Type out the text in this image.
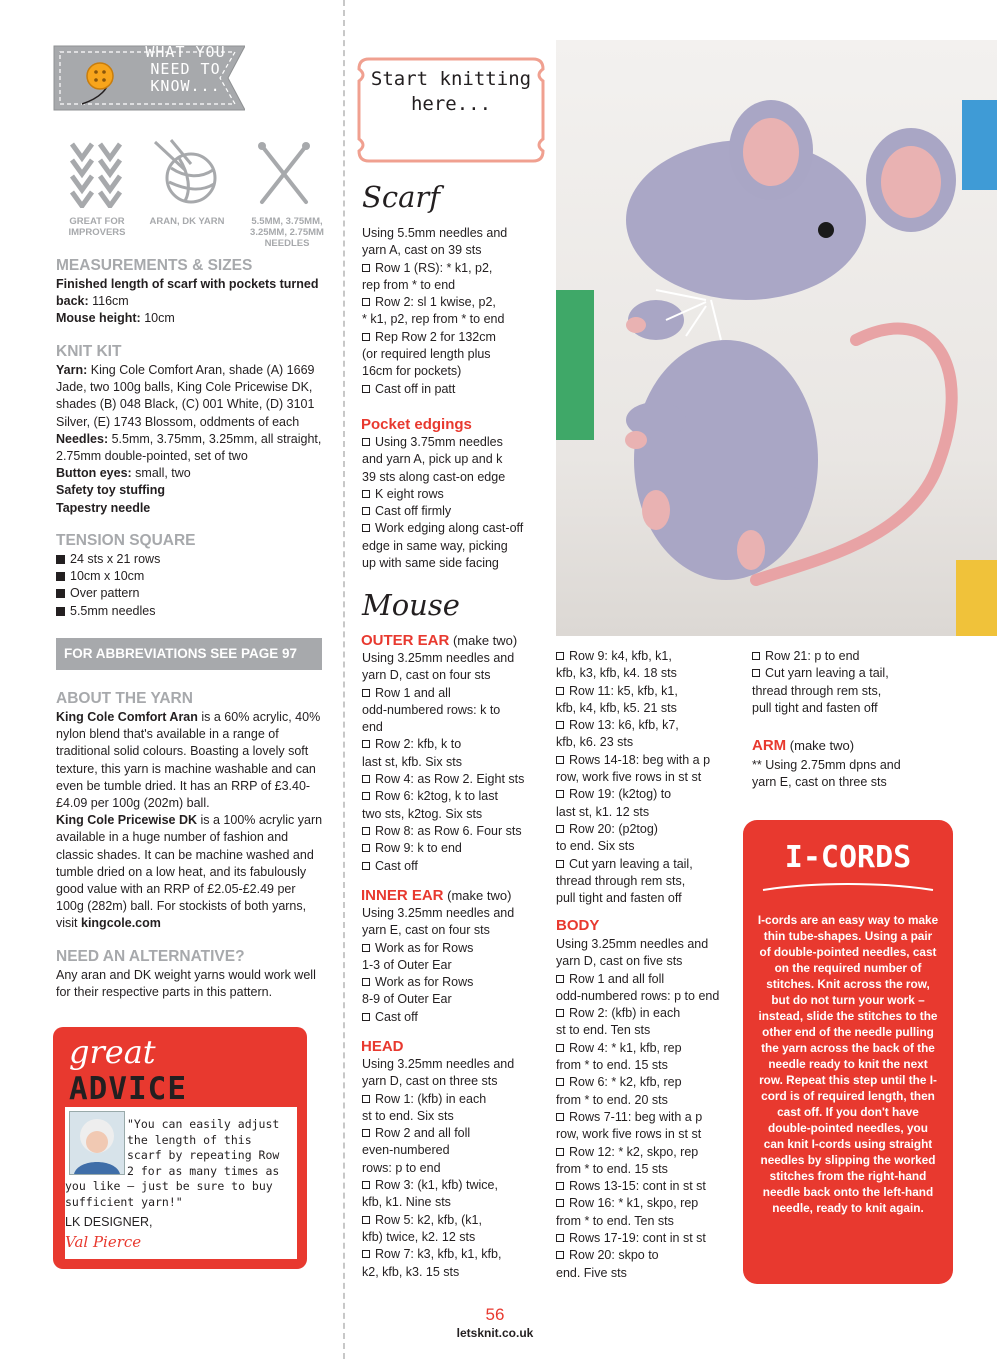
WHAT YOU NEED TO KNOW...
GREAT FOR IMPROVERS
ARAN, DK YARN	5.5MM, 3.75MM, 3.25MM, 2.75MM NEEDLES
MEASUREMENTS & SIZES

Finished length of scarf with pockets turned back: 116cm

Mouse height: 10cm

KNIT KIT

Yarn: King Cole Comfort Aran, shade (A) 1669 Jade, two 100g balls, King Cole Pricewise DK, shades (B) 048 Black, (C) 001 White, (D) 3101 Silver, (E) 1743 Blossom, oddments of each

Needles: 5.5mm, 3.75mm, 3.25mm, all straight, 2.75mm double-pointed, set of two

Button eyes: small, two

Safety toy stuffing

Tapestry needle

TENSION SQUARE
24 sts x 21 rows
10cm x 10cm
Over pattern
5.5mm needles
FOR ABBREVIATIONS SEE PAGE 97
ABOUT THE YARN

King Cole Comfort Aran is a 60% acrylic, 40% nylon blend that's available in a range of traditional solid colours. Boasting a lovely soft texture, this yarn is machine washable and can even be tumble dried. It has an RRP of £3.40-£4.09 per 100g (202m) ball.

King Cole Pricewise DK is a 100% acrylic yarn available in a huge number of fashion and classic shades. It can be machine washed and tumble dried on a low heat, and its fabulously good value with an RRP of £2.05-£2.49 per 100g (282m) ball. For stockists of both yarns, visit kingcole.com

NEED AN ALTERNATIVE?
Any aran and DK weight yarns would work well for their respective parts in this pattern.
great
ADVICE
"You can easily adjust
the length of this
scarf by repeating Row
2 for as many times as
you like – just be sure to buy
sufficient yarn!"
LK DESIGNER,
Val Pierce
Start knitting here...
Scarf
Using 5.5mm needles and
yarn A, cast on 39 sts
Row 1 (RS): * k1, p2,
rep from * to end
Row 2: sl 1 kwise, p2,
* k1, p2, rep from * to end
Rep Row 2 for 132cm
(or required length plus
16cm for pockets)
Cast off in patt
Pocket edgings
Using 3.75mm needles
and yarn A, pick up and k
39 sts along cast-on edge
K eight rows
Cast off firmly
Work edging along cast-off
edge in same way, picking
up with same side facing
Mouse
OUTER EAR (make two)
Using 3.25mm needles and
yarn D, cast on four sts
Row 1 and all
odd-numbered rows: k to
end
Row 2: kfb, k to
last st, kfb. Six sts
Row 4: as Row 2. Eight sts
Row 6: k2tog, k to last
two sts, k2tog. Six sts
Row 8: as Row 6. Four sts
Row 9: k to end
Cast off
INNER EAR (make two)
Using 3.25mm needles and
yarn E, cast on four sts
Work as for Rows
1-3 of Outer Ear
Work as for Rows
8-9 of Outer Ear
Cast off
HEAD
Using 3.25mm needles and
yarn D, cast on three sts
Row 1: (kfb) in each
st to end. Six sts
Row 2 and all foll
even-numbered
rows: p to end
Row 3: (k1, kfb) twice,
kfb, k1. Nine sts
Row 5: k2, kfb, (k1,
kfb) twice, k2. 12 sts
Row 7: k3, kfb, k1, kfb,
k2, kfb, k3. 15 sts
Row 9: k4, kfb, k1,
kfb, k3, kfb, k4. 18 sts
Row 11: k5, kfb, k1,
kfb, k4, kfb, k5. 21 sts
Row 13: k6, kfb, k7,
kfb, k6. 23 sts
Rows 14-18: beg with a p
row, work five rows in st st
Row 19: (k2tog) to
last st, k1. 12 sts
Row 20: (p2tog)
to end. Six sts
Cut yarn leaving a tail,
thread through rem sts,
pull tight and fasten off
BODY
Using 3.25mm needles and
yarn D, cast on five sts
Row 1 and all foll
odd-numbered rows: p to end
Row 2: (kfb) in each
st to end. Ten sts
Row 4: * k1, kfb, rep
from * to end. 15 sts
Row 6: * k2, kfb, rep
from * to end. 20 sts
Rows 7-11: beg with a p
row, work five rows in st st
Row 12: * k2, skpo, rep
from * to end. 15 sts
Rows 13-15: cont in st st
Row 16: * k1, skpo, rep
from * to end. Ten sts
Rows 17-19: cont in st st
Row 20: skpo to
end. Five sts
Row 21: p to end
Cut yarn leaving a tail,
thread through rem sts,
pull tight and fasten off
ARM (make two)
** Using 2.75mm dpns and
yarn E, cast on three sts
I-CORDS
I-cords are an easy way to make thin tube-shapes. Using a pair of double-pointed needles, cast on the required number of stitches. Knit across the row, but do not turn your work – instead, slide the stitches to the other end of the needle pulling the yarn across the back of the needle ready to knit the next row. Repeat this step until the I-cord is of required length, then cast off. If you don't have double-pointed needles, you can knit I-cords using straight needles by slipping the worked stitches from the right-hand needle back onto the left-hand needle, ready to knit again.
56
letsknit.co.uk
